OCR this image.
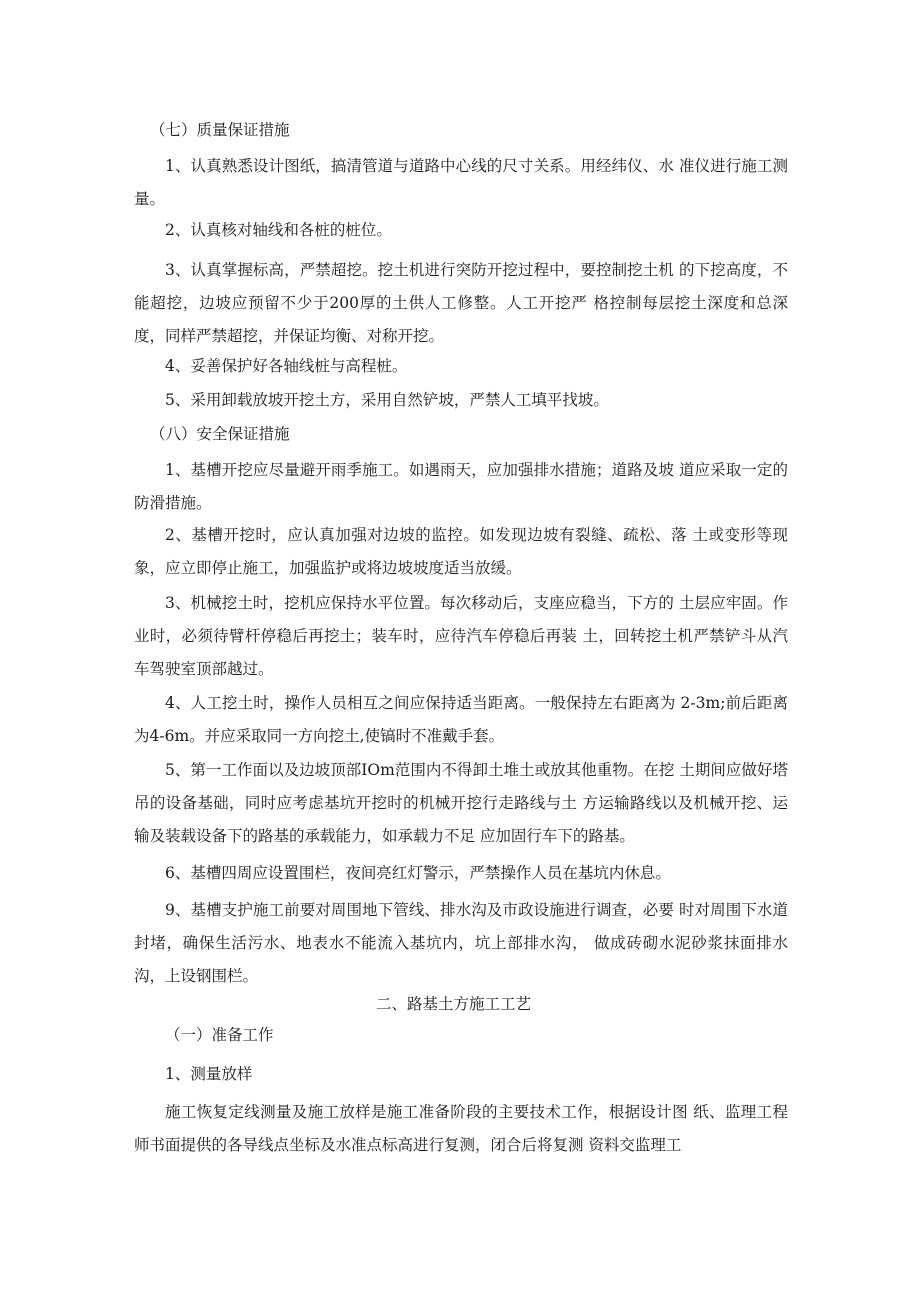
（七）质量保证措施

1、认真熟悉设计图纸，搞清管道与道路中心线的尺寸关系。用经纬仪、水 准仪进行施工测量。

2、认真核对轴线和各桩的桩位。

3、认真掌握标高，严禁超挖。挖土机进行突防开挖过程中，要控制挖土机 的下挖高度，不能超挖，边坡应预留不少于200厚的土供人工修整。人工开挖严 格控制每层挖土深度和总深度，同样严禁超挖，并保证均衡、对称开挖。

4、妥善保护好各轴线桩与高程桩。

5、采用卸载放坡开挖土方，采用自然铲坡，严禁人工填平找坡。

（八）安全保证措施

1、基槽开挖应尽量避开雨季施工。如遇雨天，应加强排水措施；道路及坡 道应采取一定的防滑措施。

2、基槽开挖时，应认真加强对边坡的监控。如发现边坡有裂缝、疏松、落 土或变形等现象，应立即停止施工，加强监护或将边坡坡度适当放缓。

3、机械挖土时，挖机应保持水平位置。每次移动后，支座应稳当，下方的 土层应牢固。作业时，必须待臂杆停稳后再挖土；装车时，应待汽车停稳后再装 土，回转挖土机严禁铲斗从汽车驾驶室顶部越过。

4、人工挖土时，操作人员相互之间应保持适当距离。一般保持左右距离为 2-3m;前后距离为4-6m。并应采取同一方向挖土,使镐时不准戴手套。

5、第一工作面以及边坡顶部IOm范围内不得卸土堆土或放其他重物。在挖 土期间应做好塔吊的设备基础，同时应考虑基坑开挖时的机械开挖行走路线与土 方运输路线以及机械开挖、运输及装载设备下的路基的承载能力，如承载力不足 应加固行车下的路基。

6、基槽四周应设置围栏，夜间亮红灯警示，严禁操作人员在基坑内休息。

9、基槽支护施工前要对周围地下管线、排水沟及市政设施进行调查，必要 时对周围下水道封堵，确保生活污水、地表水不能流入基坑内，坑上部排水沟， 做成砖砌水泥砂浆抹面排水沟，上设钢围栏。

二、路基土方施工工艺

（一）准备工作

1、测量放样

施工恢复定线测量及施工放样是施工准备阶段的主要技术工作，根据设计图 纸、监理工程师书面提供的各导线点坐标及水准点标高进行复测，闭合后将复测 资料交监理工
